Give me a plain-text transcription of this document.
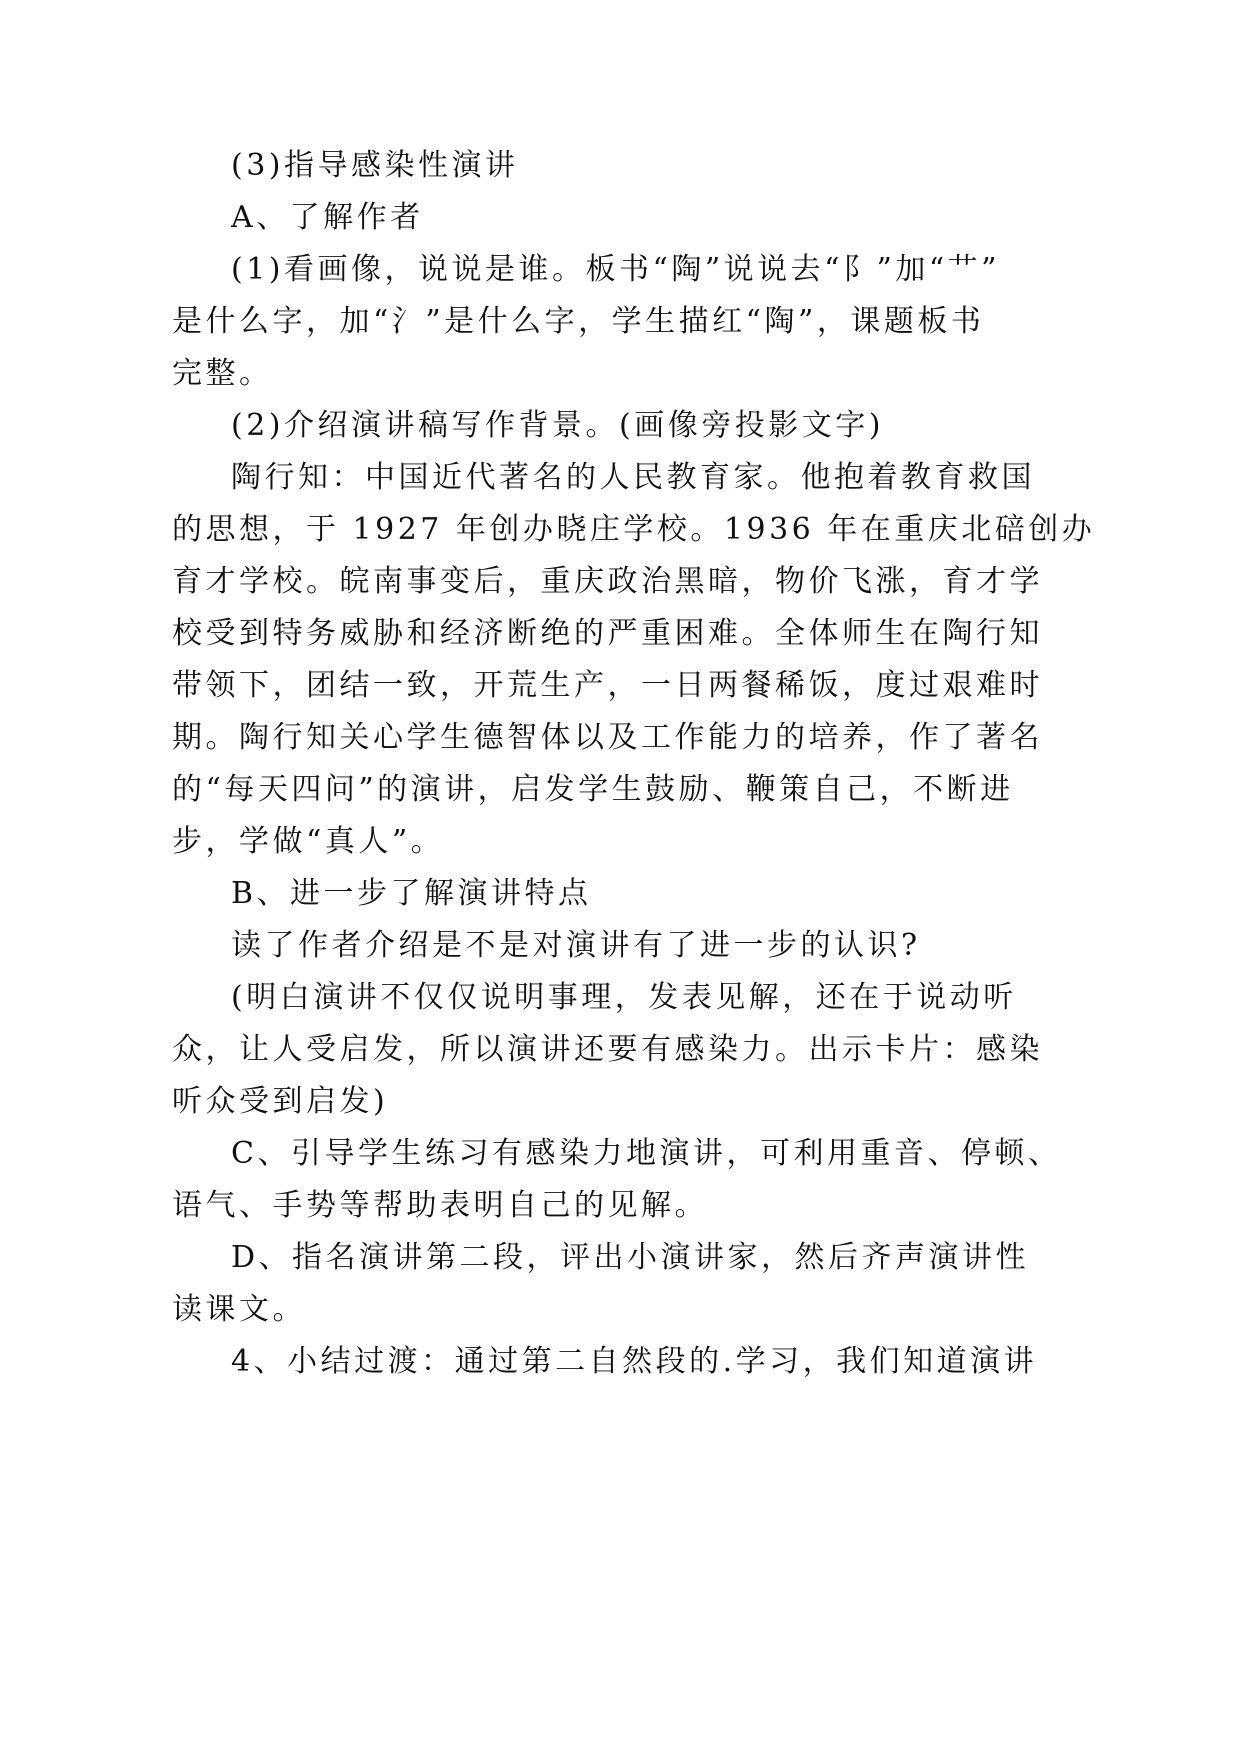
(3)指导感染性演讲

A、了解作者

(1)看画像，说说是谁。板书“陶”说说去“阝”加“艹”

是什么字，加“氵”是什么字，学生描红“陶”，课题板书

完整。

(2)介绍演讲稿写作背景。(画像旁投影文字)

陶行知：中国近代著名的人民教育家。他抱着教育救国

的思想，于 1927 年创办晓庄学校。1936 年在重庆北碚创办

育才学校。皖南事变后，重庆政治黑暗，物价飞涨，育才学

校受到特务威胁和经济断绝的严重困难。全体师生在陶行知

带领下，团结一致，开荒生产，一日两餐稀饭，度过艰难时

期。陶行知关心学生德智体以及工作能力的培养，作了著名

的“每天四问”的演讲，启发学生鼓励、鞭策自己，不断进

步，学做“真人”。

B、进一步了解演讲特点

读了作者介绍是不是对演讲有了进一步的认识?

(明白演讲不仅仅说明事理，发表见解，还在于说动听

众，让人受启发，所以演讲还要有感染力。出示卡片：感染

听众受到启发)

C、引导学生练习有感染力地演讲，可利用重音、停顿、

语气、手势等帮助表明自己的见解。

D、指名演讲第二段，评出小演讲家，然后齐声演讲性

读课文。

4、小结过渡：通过第二自然段的.学习，我们知道演讲
